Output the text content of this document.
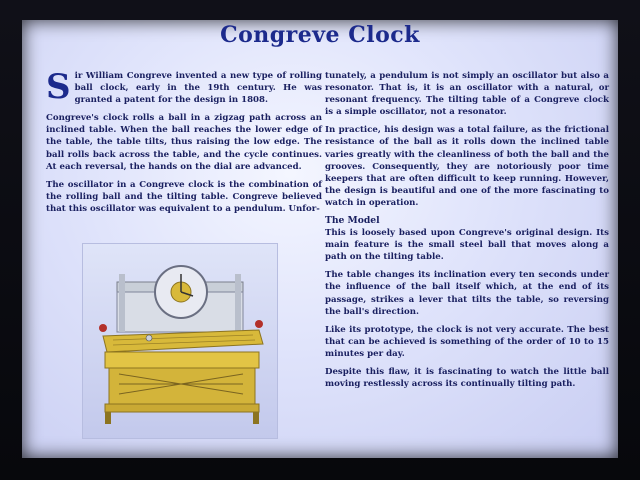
Congreve Clock

Sir William Congreve invented a new type of rolling ball clock, early in the 19th century. He was granted a patent for the design in 1808.

Congreve's clock rolls a ball in a zigzag path across an inclined table. When the ball reaches the lower edge of the table, the table tilts, thus raising the low edge. The ball rolls back across the table, and the cycle continues. At each reversal, the hands on the dial are advanced.

The oscillator in a Congreve clock is the combination of the rolling ball and the tilting table. Congreve believed that this oscillator was equivalent to a pendulum. Unfor-

tunately, a pendulum is not simply an oscillator but also a resonator. That is, it is an oscillator with a natural, or resonant frequency. The tilting table of a Congreve clock is a simple oscillator, not a resonator.

In practice, his design was a total failure, as the frictional resistance of the ball as it rolls down the inclined table varies greatly with the cleanliness of both the ball and the grooves. Consequently, they are notoriously poor time keepers that are often difficult to keep running. However, the design is beautiful and one of the more fascinating to watch in operation.

The Model

This is loosely based upon Congreve's original design. Its main feature is the small steel ball that moves along a path on the tilting table.

The table changes its inclination every ten seconds under the influence of the ball itself which, at the end of its passage, strikes a lever that tilts the table, so reversing the ball's direction.

Like its prototype, the clock is not very accurate. The best that can be achieved is something of the order of 10 to 15 minutes per day.

Despite this flaw, it is fascinating to watch the little ball moving restlessly across its continually tilting path.
